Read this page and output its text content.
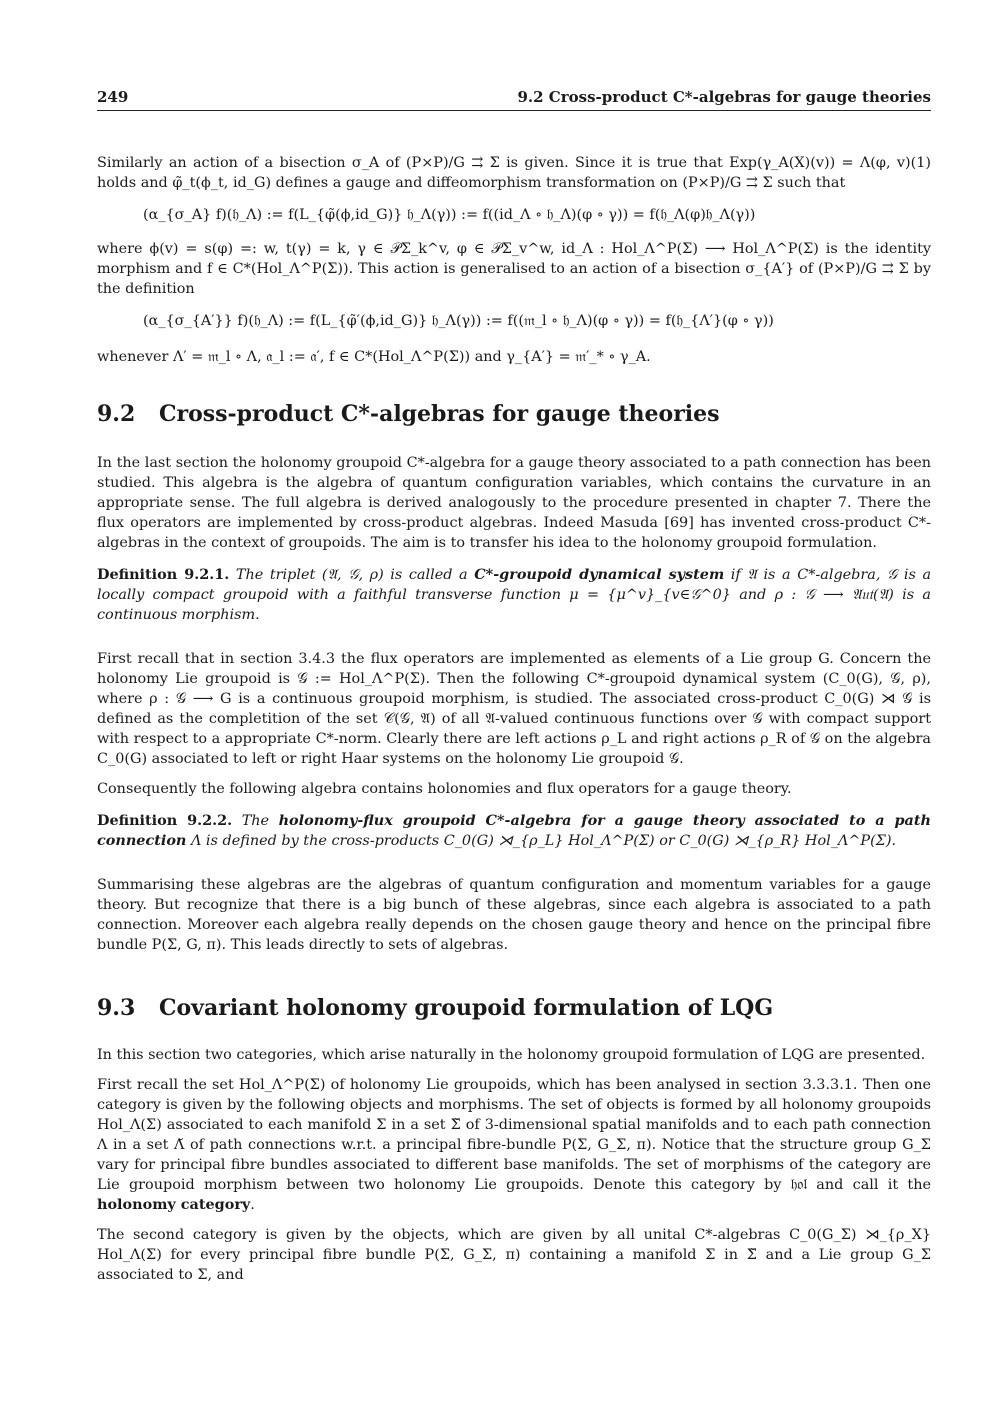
249	9.2 Cross-product C*-algebras for gauge theories

Similarly an action of a bisection σ_A of (P×P)/G ⇉ Σ is given. Since it is true that Exp(γ_A(X)(v)) = Λ(φ, v)(1) holds and φ̃_t(ϕ_t, id_G) defines a gauge and diffeomorphism transformation on (P×P)/G ⇉ Σ such that

(α_{σ_A} f)(𝔥_Λ) := f(L_{φ̃(ϕ,id_G)} 𝔥_Λ(γ)) := f((id_Λ ∘ 𝔥_Λ)(φ ∘ γ)) = f(𝔥_Λ(φ)𝔥_Λ(γ))

where ϕ(v) = s(φ) =: w, t(γ) = k, γ ∈ 𝒫Σ_k^v, φ ∈ 𝒫Σ_v^w, id_Λ : Hol_Λ^P(Σ) ⟶ Hol_Λ^P(Σ) is the identity morphism and f ∈ C*(Hol_Λ^P(Σ)). This action is generalised to an action of a bisection σ_{A′} of (P×P)/G ⇉ Σ by the definition

(α_{σ_{A′}} f)(𝔥_Λ) := f(L_{φ̃′(ϕ,id_G)} 𝔥_Λ(γ)) := f((𝔪_l ∘ 𝔥_Λ)(φ ∘ γ)) = f(𝔥_{Λ′}(φ ∘ γ))

whenever Λ′ = 𝔪_l ∘ Λ, 𝔞_l := 𝔞′, f ∈ C*(Hol_Λ^P(Σ)) and γ_{A′} = 𝔪′_* ∘ γ_A.

9.2	Cross-product C*-algebras for gauge theories

In the last section the holonomy groupoid C*-algebra for a gauge theory associated to a path connection has been studied. This algebra is the algebra of quantum configuration variables, which contains the curvature in an appropriate sense. The full algebra is derived analogously to the procedure presented in chapter 7. There the flux operators are implemented by cross-product algebras. Indeed Masuda [69] has invented cross-product C*-algebras in the context of groupoids. The aim is to transfer his idea to the holonomy groupoid formulation.

Definition 9.2.1. The triplet (𝔄, 𝒢, ρ) is called a C*-groupoid dynamical system if 𝔄 is a C*-algebra, 𝒢 is a locally compact groupoid with a faithful transverse function μ = {μ^v}_{v∈𝒢^0} and ρ : 𝒢 ⟶ 𝔄𝔲𝔱(𝔄) is a continuous morphism.

First recall that in section 3.4.3 the flux operators are implemented as elements of a Lie group G. Concern the holonomy Lie groupoid is 𝒢 := Hol_Λ^P(Σ). Then the following C*-groupoid dynamical system (C_0(G), 𝒢, ρ), where ρ : 𝒢 ⟶ G is a continuous groupoid morphism, is studied. The associated cross-product C_0(G) ⋊ 𝒢 is defined as the completition of the set 𝒞(𝒢, 𝔄) of all 𝔄-valued continuous functions over 𝒢 with compact support with respect to a appropriate C*-norm. Clearly there are left actions ρ_L and right actions ρ_R of 𝒢 on the algebra C_0(G) associated to left or right Haar systems on the holonomy Lie groupoid 𝒢.

Consequently the following algebra contains holonomies and flux operators for a gauge theory.

Definition 9.2.2. The holonomy-flux groupoid C*-algebra for a gauge theory associated to a path connection Λ is defined by the cross-products C_0(G) ⋊_{ρ_L} Hol_Λ^P(Σ) or C_0(G) ⋊_{ρ_R} Hol_Λ^P(Σ).

Summarising these algebras are the algebras of quantum configuration and momentum variables for a gauge theory. But recognize that there is a big bunch of these algebras, since each algebra is associated to a path connection. Moreover each algebra really depends on the chosen gauge theory and hence on the principal fibre bundle P(Σ, G, π). This leads directly to sets of algebras.

9.3	Covariant holonomy groupoid formulation of LQG

In this section two categories, which arise naturally in the holonomy groupoid formulation of LQG are presented.

First recall the set Hol_Λ^P(Σ) of holonomy Lie groupoids, which has been analysed in section 3.3.3.1. Then one category is given by the following objects and morphisms. The set of objects is formed by all holonomy groupoids Hol_Λ(Σ) associated to each manifold Σ in a set Σ̆ of 3-dimensional spatial manifolds and to each path connection Λ in a set Λ̆ of path connections w.r.t. a principal fibre-bundle P(Σ, G_Σ, π). Notice that the structure group G_Σ vary for principal fibre bundles associated to different base manifolds. The set of morphisms of the category are Lie groupoid morphism between two holonomy Lie groupoids. Denote this category by 𝔥𝔬𝔩 and call it the holonomy category.

The second category is given by the objects, which are given by all unital C*-algebras C_0(G_Σ) ⋊_{ρ_X} Hol_Λ(Σ) for every principal fibre bundle P(Σ, G_Σ, π) containing a manifold Σ in Σ̆ and a Lie group G_Σ associated to Σ, and
